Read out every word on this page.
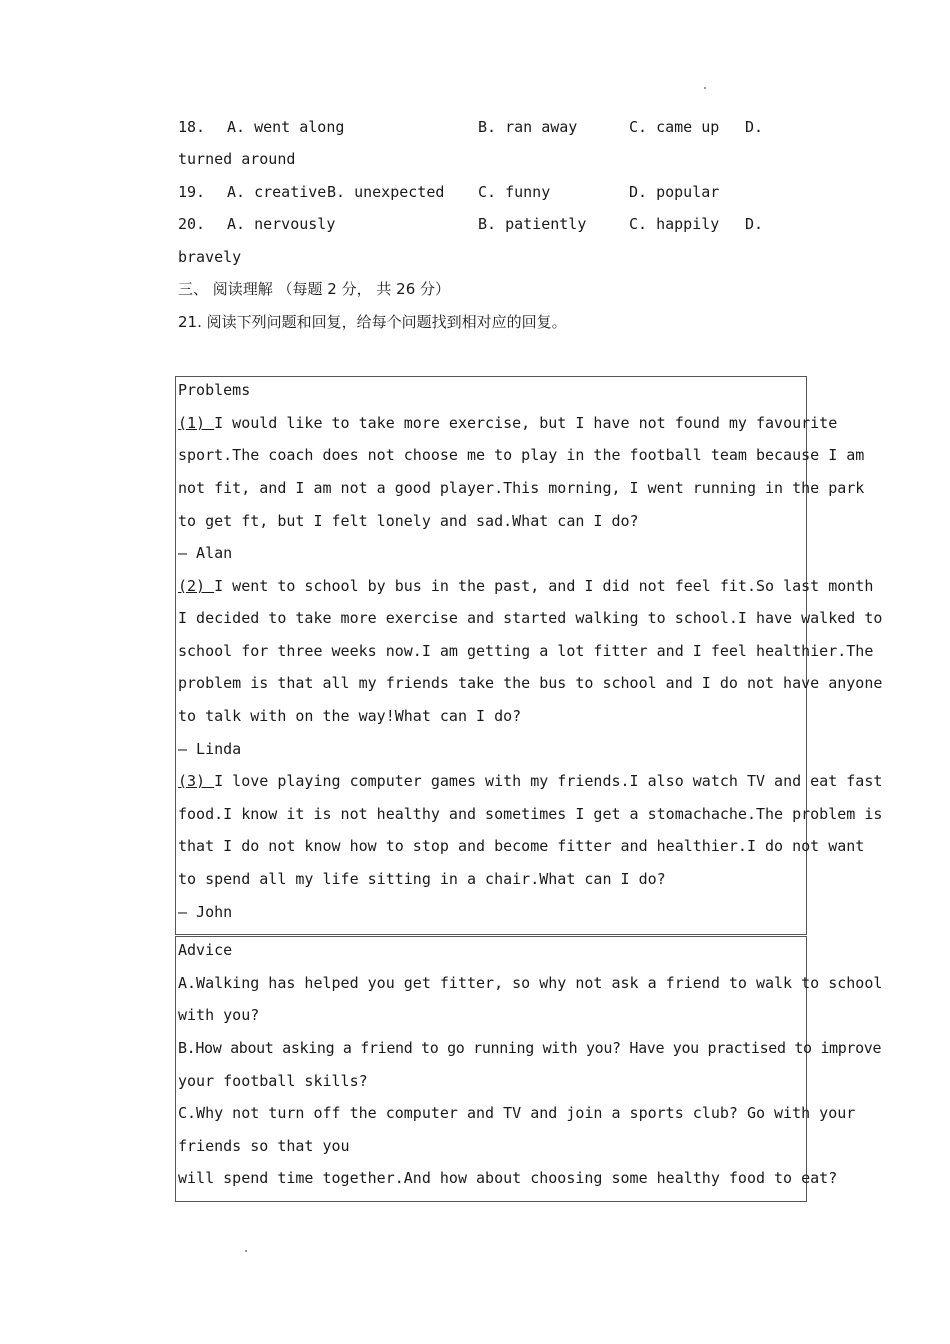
18. A. went along	B. ran away	C. came up D.
turned around
19. A. creative B. unexpected C. funny	D. popular
20. A. nervously	B. patiently	C. happily D.
bravely
三、 阅读理解 （每题 2 分， 共 26 分）
21. 阅读下列问题和回复，给每个问题找到相对应的回复。
Problems
(1) I would like to take more exercise, but I have not found my favourite
sport.The coach does not choose me to play in the football team because I am
not fit, and I am not a good player.This morning, I went running in the park
to get ft, but I felt lonely and sad.What can I do?
— Alan
(2) I went to school by bus in the past, and I did not feel fit.So last month
I decided to take more exercise and started walking to school.I have walked to
school for three weeks now.I am getting a lot fitter and I feel healthier.The
problem is that all my friends take the bus to school and I do not have anyone
to talk with on the way!What can I do?
— Linda
(3) I love playing computer games with my friends.I also watch TV and eat fast
food.I know it is not healthy and sometimes I get a stomachache.The problem is
that I do not know how to stop and become fitter and healthier.I do not want
to spend all my life sitting in a chair.What can I do?
— John
Advice
A.Walking has helped you get fitter, so why not ask a friend to walk to school
with you?
B.How about asking a friend to go running with you? Have you practised to improve
your football skills?
C.Why not turn off the computer and TV and join a sports club? Go with your
friends so that you
will spend time together.And how about choosing some healthy food to eat?
